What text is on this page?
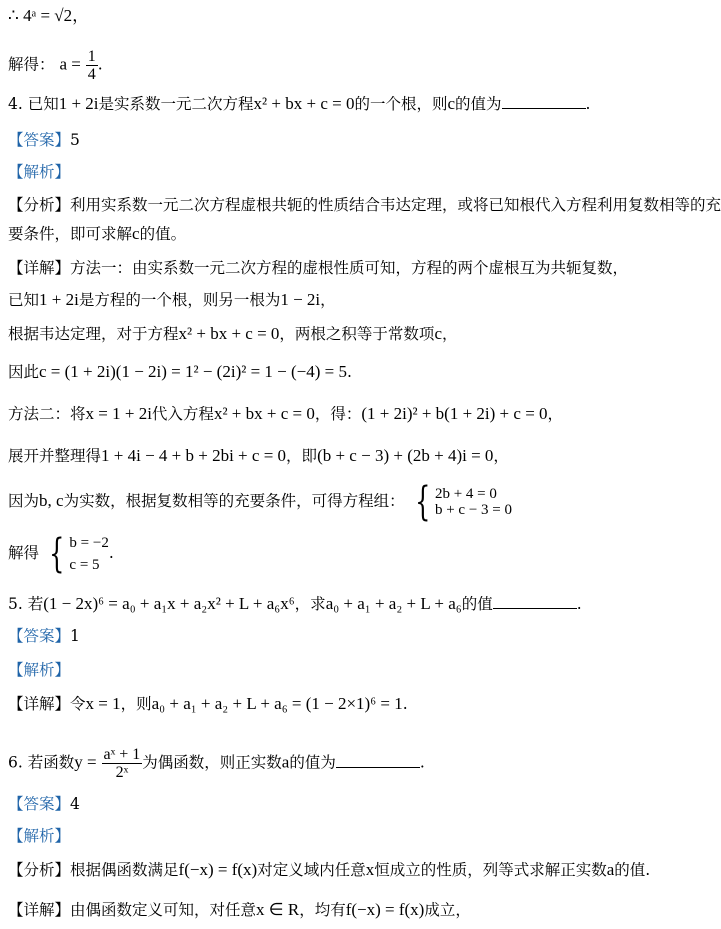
∴ 4ᵃ = √2，
解得： $a = \frac{1}{4}$ .
4. 已知1 + 2i是实系数一元二次方程x² + bx + c = 0的一个根，则c的值为	.
【答案】5
【解析】
【分析】利用实系数一元二次方程虚根共轭的性质结合韦达定理，或将已知根代入方程利用复数相等的充
要条件，即可求解c的值。
【详解】方法一：由实系数一元二次方程的虚根性质可知，方程的两个虚根互为共轭复数，
已知1 + 2i是方程的一个根，则另一根为1 − 2i，
根据韦达定理，对于方程x² + bx + c = 0，两根之积等于常数项c，
因此c = (1 + 2i)(1 − 2i) = 1² − (2i)² = 1 − (−4) = 5.
方法二：将x = 1 + 2i代入方程x² + bx + c = 0，得：(1 + 2i)² + b(1 + 2i) + c = 0，
展开并整理得1 + 4i − 4 + b + 2bi + c = 0，即(b + c − 3) + (2b + 4)i = 0，
因为b, c为实数，根据复数相等的充要条件，可得方程组： { 2b + 4 = 0
b + c − 3 = 0
解得 { b = −2
c = 5
.
5. 若(1 − 2x)⁶ = a₀ + a₁x + a₂x² + L + a₆x⁶，求a₀ + a₁ + a₂ + L + a₆的值	.
【答案】1
【解析】
【详解】令x = 1，则a₀ + a₁ + a₂ + L + a₆ = (1 − 2×1)⁶ = 1.
6. 若函数$y = \frac{\text{aˣ + 1}}{\text{2ˣ}}$ 为偶函数，则正实数a的值为	.
【答案】4
【解析】
【分析】根据偶函数满足f(−x) = f(x)对定义域内任意x恒成立的性质，列等式求解正实数a的值.
【详解】由偶函数定义可知，对任意x ∈ R，均有f(−x) = f(x)成立，
